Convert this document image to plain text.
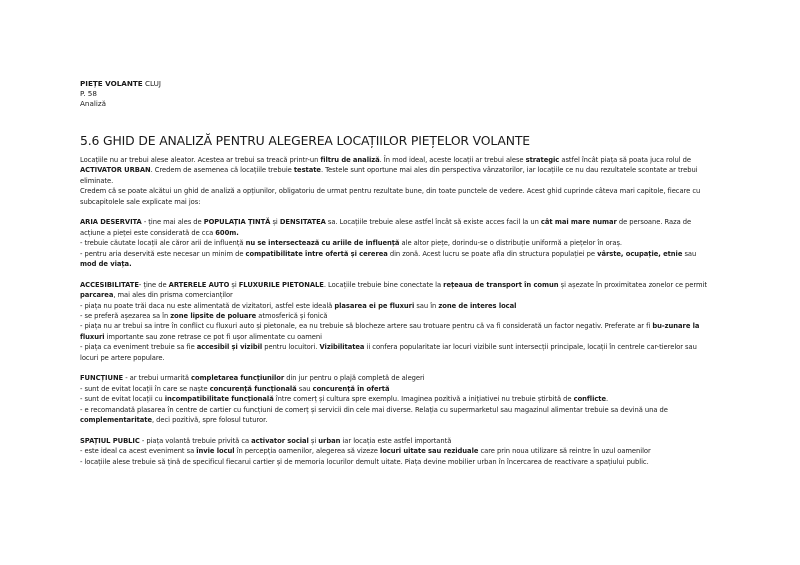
PIEȚE VOLANTE CLUJ
P. 58
Analiză
5.6 GHID DE ANALIZĂ PENTRU ALEGEREA LOCAȚIILOR PIEȚELOR VOLANTE

Locațiile nu ar trebui alese aleator. Acestea ar trebui sa treacă printr-un filtru de analiză. În mod ideal, aceste locații ar trebui alese strategic astfel încât piața să poata juca rolul de ACTIVATOR URBAN. Credem de asemenea că locațiile trebuie testate. Testele sunt oportune mai ales din perspectiva vânzatorilor, iar locațiile ce nu dau rezultatele scontate ar trebui eliminate.

Credem că se poate alcătui un ghid de analiză a opțiunilor, obligatoriu de urmat pentru rezultate bune, din toate punctele de vedere. Acest ghid cuprinde câteva mari capitole, fiecare cu subcapitolele sale explicate mai jos:

ARIA DESERVITA - ține mai ales de POPULAȚIA ȚINTĂ și DENSITATEA sa. Locațiile trebuie alese astfel încât să existe acces facil la un cât mai mare numar de persoane. Raza de acțiune a pieței este considerată de cca 600m.

- trebuie căutate locații ale căror arii de influență nu se intersectează cu ariile de influență ale altor piețe, dorindu-se o distribuție uniformă a piețelor în oraș.

- pentru aria deservită este necesar un minim de compatibilitate între ofertă și cererea din zonă. Acest lucru se poate afla din structura populației pe vârste, ocupație, etnie sau mod de viața.

ACCESIBILITATE- ține de ARTERELE AUTO și FLUXURILE PIETONALE. Locațiile trebuie bine conectate la rețeaua de transport în comun și așezate în proximitatea zonelor ce permit parcarea, mai ales din prisma comercianților

- piața nu poate trăi dacа nu este alimentată de vizitatori, astfel este ideală plasarea ei pe fluxuri sau în zone de interes local

- se preferă așezarea sa în zone lipsite de poluare atmosferică și fonică

- piața nu ar trebui sa intre în conflict cu fluxuri auto și pietonale, ea nu trebuie să blocheze artere sau trotuare pentru că va fi considerată un factor negativ. Preferate ar fi bu-zunare la fluxuri importante sau zone retrase ce pot fi ușor alimentate cu oameni

- piața ca eveniment trebuie sa fie accesibil și vizibil pentru locuitori. Vizibilitatea ii confera popularitate iar locuri vizibile sunt intersecții principale, locații în centrele car-tierelor sau locuri pe artere populare.

FUNCȚIUNE - ar trebui urmarită completarea funcțiunilor din jur pentru o plajă completă de alegeri

- sunt de evitat locații în care se naște concurență funcțională sau concurență în ofertă

- sunt de evitat locații cu incompatibilitate funcțională între comerț și cultura spre exemplu. Imaginea pozitivă a inițiativei nu trebuie știrbită de conflicte.

- e recomandată plasarea în centre de cartier cu funcțiuni de comerț și servicii din cele mai diverse. Relația cu supermarketul sau magazinul alimentar trebuie sa devină una de complementaritate, deci pozitivă, spre folosul tuturor.

SPAȚIUL PUBLIC - piața volantă trebuie privită ca activator social și urban iar locația este astfel importantă

- este ideal ca acest eveniment sa învie locul în percepția oamenilor, alegerea să vizeze locuri uitate sau reziduale care prin noua utilizare să reintre în uzul oamenilor

- locațiile alese trebuie să țină de specificul fiecarui cartier și de memoria locurilor demult uitate. Piața devine mobilier urban în încercarea de reactivare a spațiului public.
